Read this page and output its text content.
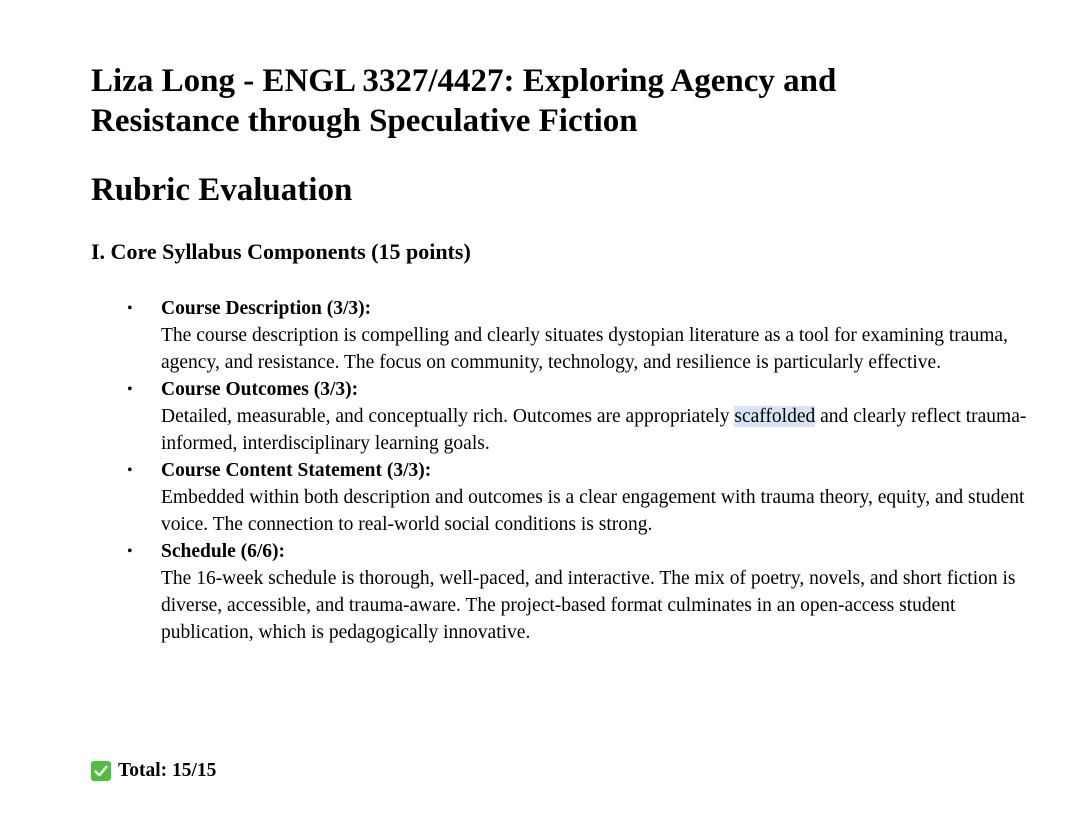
Liza Long - ENGL 3327/4427: Exploring Agency and Resistance through Speculative Fiction
Rubric Evaluation
I. Core Syllabus Components (15 points)
• Course Description (3/3):
The course description is compelling and clearly situates dystopian literature as a tool for examining trauma, agency, and resistance. The focus on community, technology, and resilience is particularly effective.
• Course Outcomes (3/3):
Detailed, measurable, and conceptually rich. Outcomes are appropriately scaffolded and clearly reflect trauma-informed, interdisciplinary learning goals.
• Course Content Statement (3/3):
Embedded within both description and outcomes is a clear engagement with trauma theory, equity, and student voice. The connection to real-world social conditions is strong.
• Schedule (6/6):
The 16-week schedule is thorough, well-paced, and interactive. The mix of poetry, novels, and short fiction is diverse, accessible, and trauma-aware. The project-based format culminates in an open-access student publication, which is pedagogically innovative.
Total: 15/15
